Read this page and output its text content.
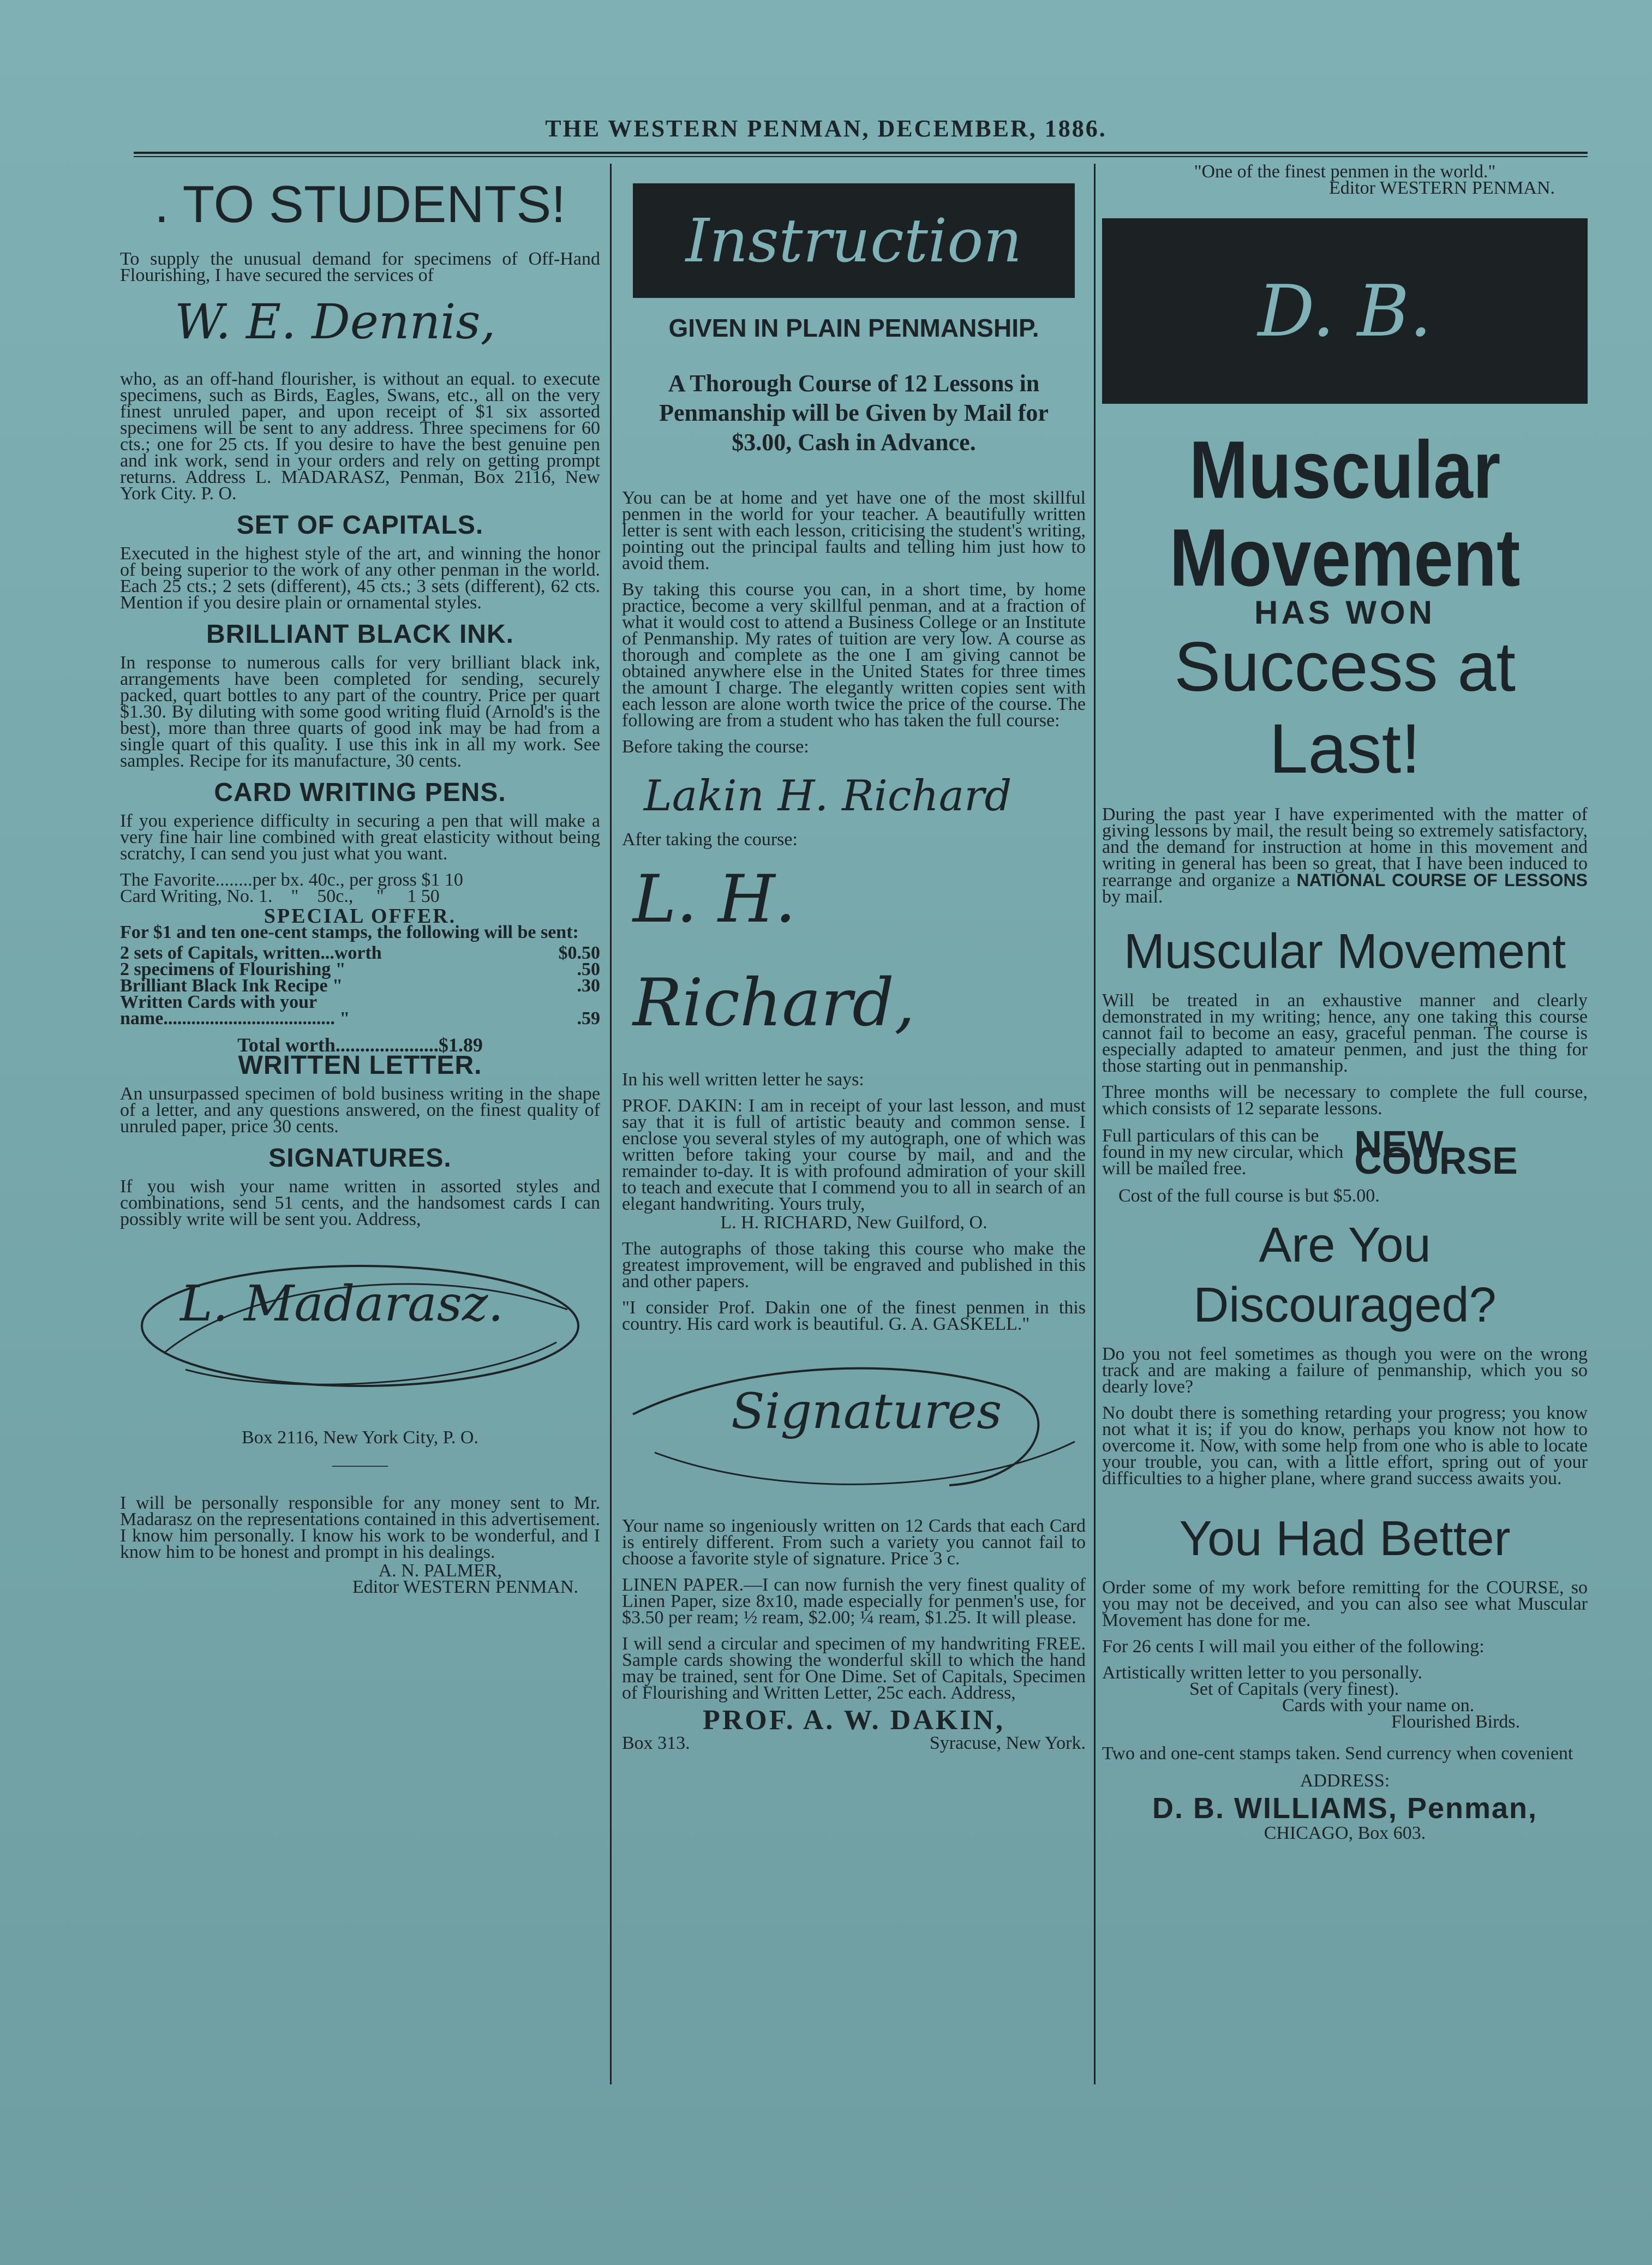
THE WESTERN PENMAN, DECEMBER, 1886.
. TO STUDENTS!

To supply the unusual demand for specimens of Off-Hand Flourishing, I have secured the services of

W. E. Dennis,

who, as an off-hand flourisher, is without an equal. to execute specimens, such as Birds, Eagles, Swans, etc., all on the very finest unruled paper, and upon receipt of $1 six assorted specimens will be sent to any address. Three specimens for 60 cts.; one for 25 cts. If you desire to have the best genuine pen and ink work, send in your orders and rely on getting prompt returns. Address L. MADARASZ, Penman, Box 2116, New York City. P. O.

SET OF CAPITALS.

Executed in the highest style of the art, and winning the honor of being superior to the work of any other penman in the world. Each 25 cts.; 2 sets (different), 45 cts.; 3 sets (different), 62 cts. Mention if you desire plain or ornamental styles.

BRILLIANT BLACK INK.

In response to numerous calls for very brilliant black ink, arrangements have been completed for sending, securely packed, quart bottles to any part of the country. Price per quart $1.30. By diluting with some good writing fluid (Arnold's is the best), more than three quarts of good ink may be had from a single quart of this quality. I use this ink in all my work. See samples. Recipe for its manufacture, 30 cents.

CARD WRITING PENS.

If you experience difficulty in securing a pen that will make a very fine hair line combined with great elasticity without being scratchy, I can send you just what you want.

The Favorite........per bx. 40c., per gross $1 10
Card Writing, No. 1.    "    50c.,     "     1 50
SPECIAL OFFER.

For $1 and ten one-cent stamps, the following will be sent:

2 sets of Capitals, written...worth	$0.50
2 specimens of Flourishing "	.50
Brilliant Black Ink Recipe "	.30
Written Cards with your
name..................................... "	.59
Total worth.....................$1.89
WRITTEN LETTER.

An unsurpassed specimen of bold business writing in the shape of a letter, and any questions answered, on the finest quality of unruled paper, price 30 cents.

SIGNATURES.

If you wish your name written in assorted styles and combinations, send 51 cents, and the handsomest cards I can possibly write will be sent you. Address,

L. Madarasz.
Box 2116, New York City, P. O.
———

I will be personally responsible for any money sent to Mr. Madarasz on the representations contained in this advertisement. I know him personally. I know his work to be wonderful, and I know him to be honest and prompt in his dealings.

A. N. PALMER,
Editor WESTERN PENMAN.
Instruction
GIVEN IN PLAIN PENMANSHIP.
A Thorough Course of 12 Lessons in Penmanship will be Given by Mail for $3.00, Cash in Advance.

You can be at home and yet have one of the most skillful penmen in the world for your teacher. A beautifully written letter is sent with each lesson, criticising the student's writing, pointing out the principal faults and telling him just how to avoid them.

By taking this course you can, in a short time, by home practice, become a very skillful penman, and at a fraction of what it would cost to attend a Business College or an Institute of Penmanship. My rates of tuition are very low. A course as thorough and complete as the one I am giving cannot be obtained anywhere else in the United States for three times the amount I charge. The elegantly written copies sent with each lesson are alone worth twice the price of the course. The following are from a student who has taken the full course:

Before taking the course:
Lakin H. Richard
After taking the course:
L. H. Richard,

In his well written letter he says:

PROF. DAKIN: I am in receipt of your last lesson, and must say that it is full of artistic beauty and common sense. I enclose you several styles of my autograph, one of which was written before taking your course by mail, and and the remainder to-day. It is with profound admiration of your skill to teach and execute that I commend you to all in search of an elegant handwriting. Yours truly,

L. H. RICHARD, New Guilford, O.

The autographs of those taking this course who make the greatest improvement, will be engraved and published in this and other papers.

"I consider Prof. Dakin one of the finest penmen in this country. His card work is beautiful. G. A. GASKELL."

Signatures

Your name so ingeniously written on 12 Cards that each Card is entirely different. From such a variety you cannot fail to choose a favorite style of signature. Price 3 c.

LINEN PAPER.—I can now furnish the very finest quality of Linen Paper, size 8x10, made especially for penmen's use, for $3.50 per ream; ½ ream, $2.00; ¼ ream, $1.25. It will please.

I will send a circular and specimen of my handwriting FREE. Sample cards showing the wonderful skill to which the hand may be trained, sent for One Dime. Set of Capitals, Specimen of Flourishing and Written Letter, 25c each. Address,

PROF. A. W. DAKIN,
Box 313.	Syracuse, New York.
"One of the finest penmen in the world."
Editor WESTERN PENMAN.
D. B.
Muscular Movement
HAS WON
Success at Last!

During the past year I have experimented with the matter of giving lessons by mail, the result being so extremely satisfactory, and the demand for instruction at home in this movement and writing in general has been so great, that I have been induced to rearrange and organize a NATIONAL COURSE OF LESSONS by mail.

Muscular Movement

Will be treated in an exhaustive manner and clearly demonstrated in my writing; hence, any one taking this course cannot fail to become an easy, graceful penman. The course is especially adapted to amateur penmen, and just the thing for those starting out in penmanship.

Three months will be necessary to complete the full course, which consists of 12 separate lessons.

Full particulars of this can be found in my new circular, which will be mailed free.
NEW COURSE

Cost of the full course is but $5.00.

Are You Discouraged?

Do you not feel sometimes as though you were on the wrong track and are making a failure of penmanship, which you so dearly love?

No doubt there is something retarding your progress; you know not what it is; if you do know, perhaps you know not how to overcome it. Now, with some help from one who is able to locate your trouble, you can, with a little effort, spring out of your difficulties to a higher plane, where grand success awaits you.

You Had Better

Order some of my work before remitting for the COURSE, so you may not be deceived, and you can also see what Muscular Movement has done for me.

For 26 cents I will mail you either of the following:

Artistically written letter to you personally.
Set of Capitals (very finest).
Cards with your name on.
Flourished Birds.

Two and one-cent stamps taken. Send currency when covenient

ADDRESS:
D. B. WILLIAMS, Penman,
CHICAGO, Box 603.
